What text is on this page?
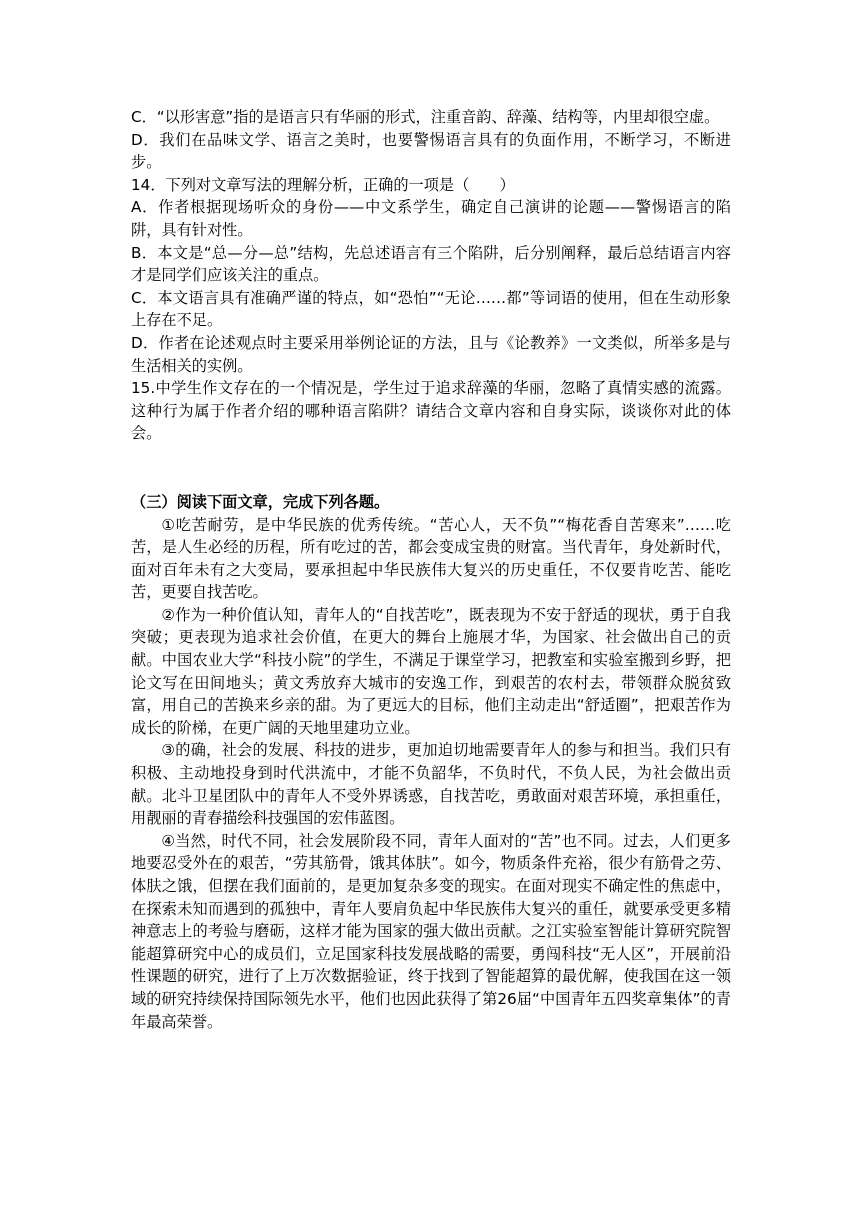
C．“以形害意”指的是语言只有华丽的形式，注重音韵、辞藻、结构等，内里却很空虚。

D．我们在品味文学、语言之美时，也要警惕语言具有的负面作用，不断学习，不断进步。

14．下列对文章写法的理解分析，正确的一项是（　　）

A．作者根据现场听众的身份——中文系学生，确定自己演讲的论题——警惕语言的陷阱，具有针对性。

B．本文是“总—分—总”结构，先总述语言有三个陷阱，后分别阐释，最后总结语言内容才是同学们应该关注的重点。

C．本文语言具有准确严谨的特点，如“恐怕”“无论……都”等词语的使用，但在生动形象上存在不足。

D．作者在论述观点时主要采用举例论证的方法，且与《论教养》一文类似，所举多是与生活相关的实例。

15.中学生作文存在的一个情况是，学生过于追求辞藻的华丽，忽略了真情实感的流露。这种行为属于作者介绍的哪种语言陷阱？请结合文章内容和自身实际，谈谈你对此的体会。

（三）阅读下面文章，完成下列各题。

①吃苦耐劳，是中华民族的优秀传统。“苦心人，天不负”“梅花香自苦寒来”……吃苦，是人生必经的历程，所有吃过的苦，都会变成宝贵的财富。当代青年，身处新时代，面对百年未有之大变局，要承担起中华民族伟大复兴的历史重任，不仅要肯吃苦、能吃苦，更要自找苦吃。

②作为一种价值认知，青年人的“自找苦吃”，既表现为不安于舒适的现状，勇于自我突破；更表现为追求社会价值，在更大的舞台上施展才华，为国家、社会做出自己的贡献。中国农业大学“科技小院”的学生，不满足于课堂学习，把教室和实验室搬到乡野，把论文写在田间地头；黄文秀放弃大城市的安逸工作，到艰苦的农村去，带领群众脱贫致富，用自己的苦换来乡亲的甜。为了更远大的目标，他们主动走出“舒适圈”，把艰苦作为成长的阶梯，在更广阔的天地里建功立业。

③的确，社会的发展、科技的进步，更加迫切地需要青年人的参与和担当。我们只有积极、主动地投身到时代洪流中，才能不负韶华，不负时代，不负人民，为社会做出贡献。北斗卫星团队中的青年人不受外界诱惑，自找苦吃，勇敢面对艰苦环境，承担重任，用靓丽的青春描绘科技强国的宏伟蓝图。

④当然，时代不同，社会发展阶段不同，青年人面对的“苦”也不同。过去，人们更多地要忍受外在的艰苦，“劳其筋骨，饿其体肤”。如今，物质条件充裕，很少有筋骨之劳、体肤之饿，但摆在我们面前的，是更加复杂多变的现实。在面对现实不确定性的焦虑中，在探索未知而遇到的孤独中，青年人要肩负起中华民族伟大复兴的重任，就要承受更多精神意志上的考验与磨砺，这样才能为国家的强大做出贡献。之江实验室智能计算研究院智能超算研究中心的成员们，立足国家科技发展战略的需要，勇闯科技“无人区”，开展前沿性课题的研究，进行了上万次数据验证，终于找到了智能超算的最优解，使我国在这一领域的研究持续保持国际领先水平，他们也因此获得了第26届“中国青年五四奖章集体”的青年最高荣誉。
